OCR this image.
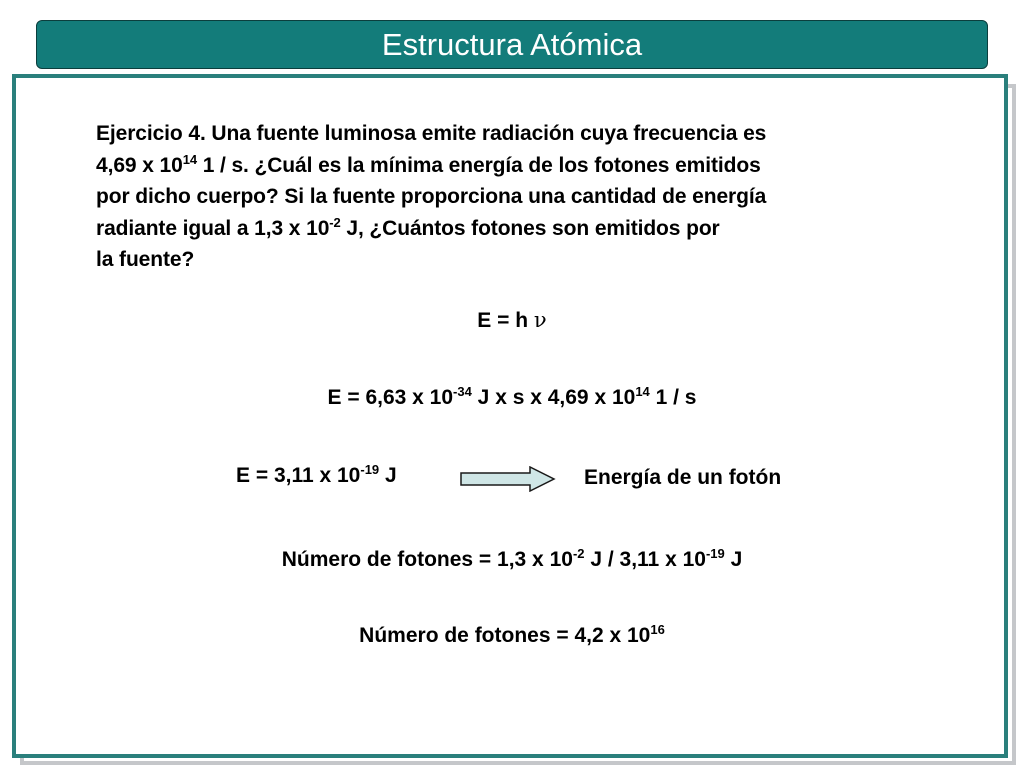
Estructura Atómica
Ejercicio 4. Una fuente luminosa emite radiación cuya frecuencia es
4,69 x $10^{14}$ 1 / s. ¿Cuál es la mínima energía de los fotones emitidos
por dicho cuerpo? Si la fuente proporciona una cantidad de energía
radiante igual a 1,3 x $10^{-2}$ J, ¿Cuántos fotones son emitidos por
la fuente?
E = h ν
E = 6,63 x $10^{-34}$ J x s x 4,69 x $10^{14}$ 1 / s
E = 3,11 x $10^{-19}$ J	Energía de un fotón
Número de fotones = 1,3 x $10^{-2}$ J / 3,11 x $10^{-19}$ J
Número de fotones = 4,2 x $10^{16}$
